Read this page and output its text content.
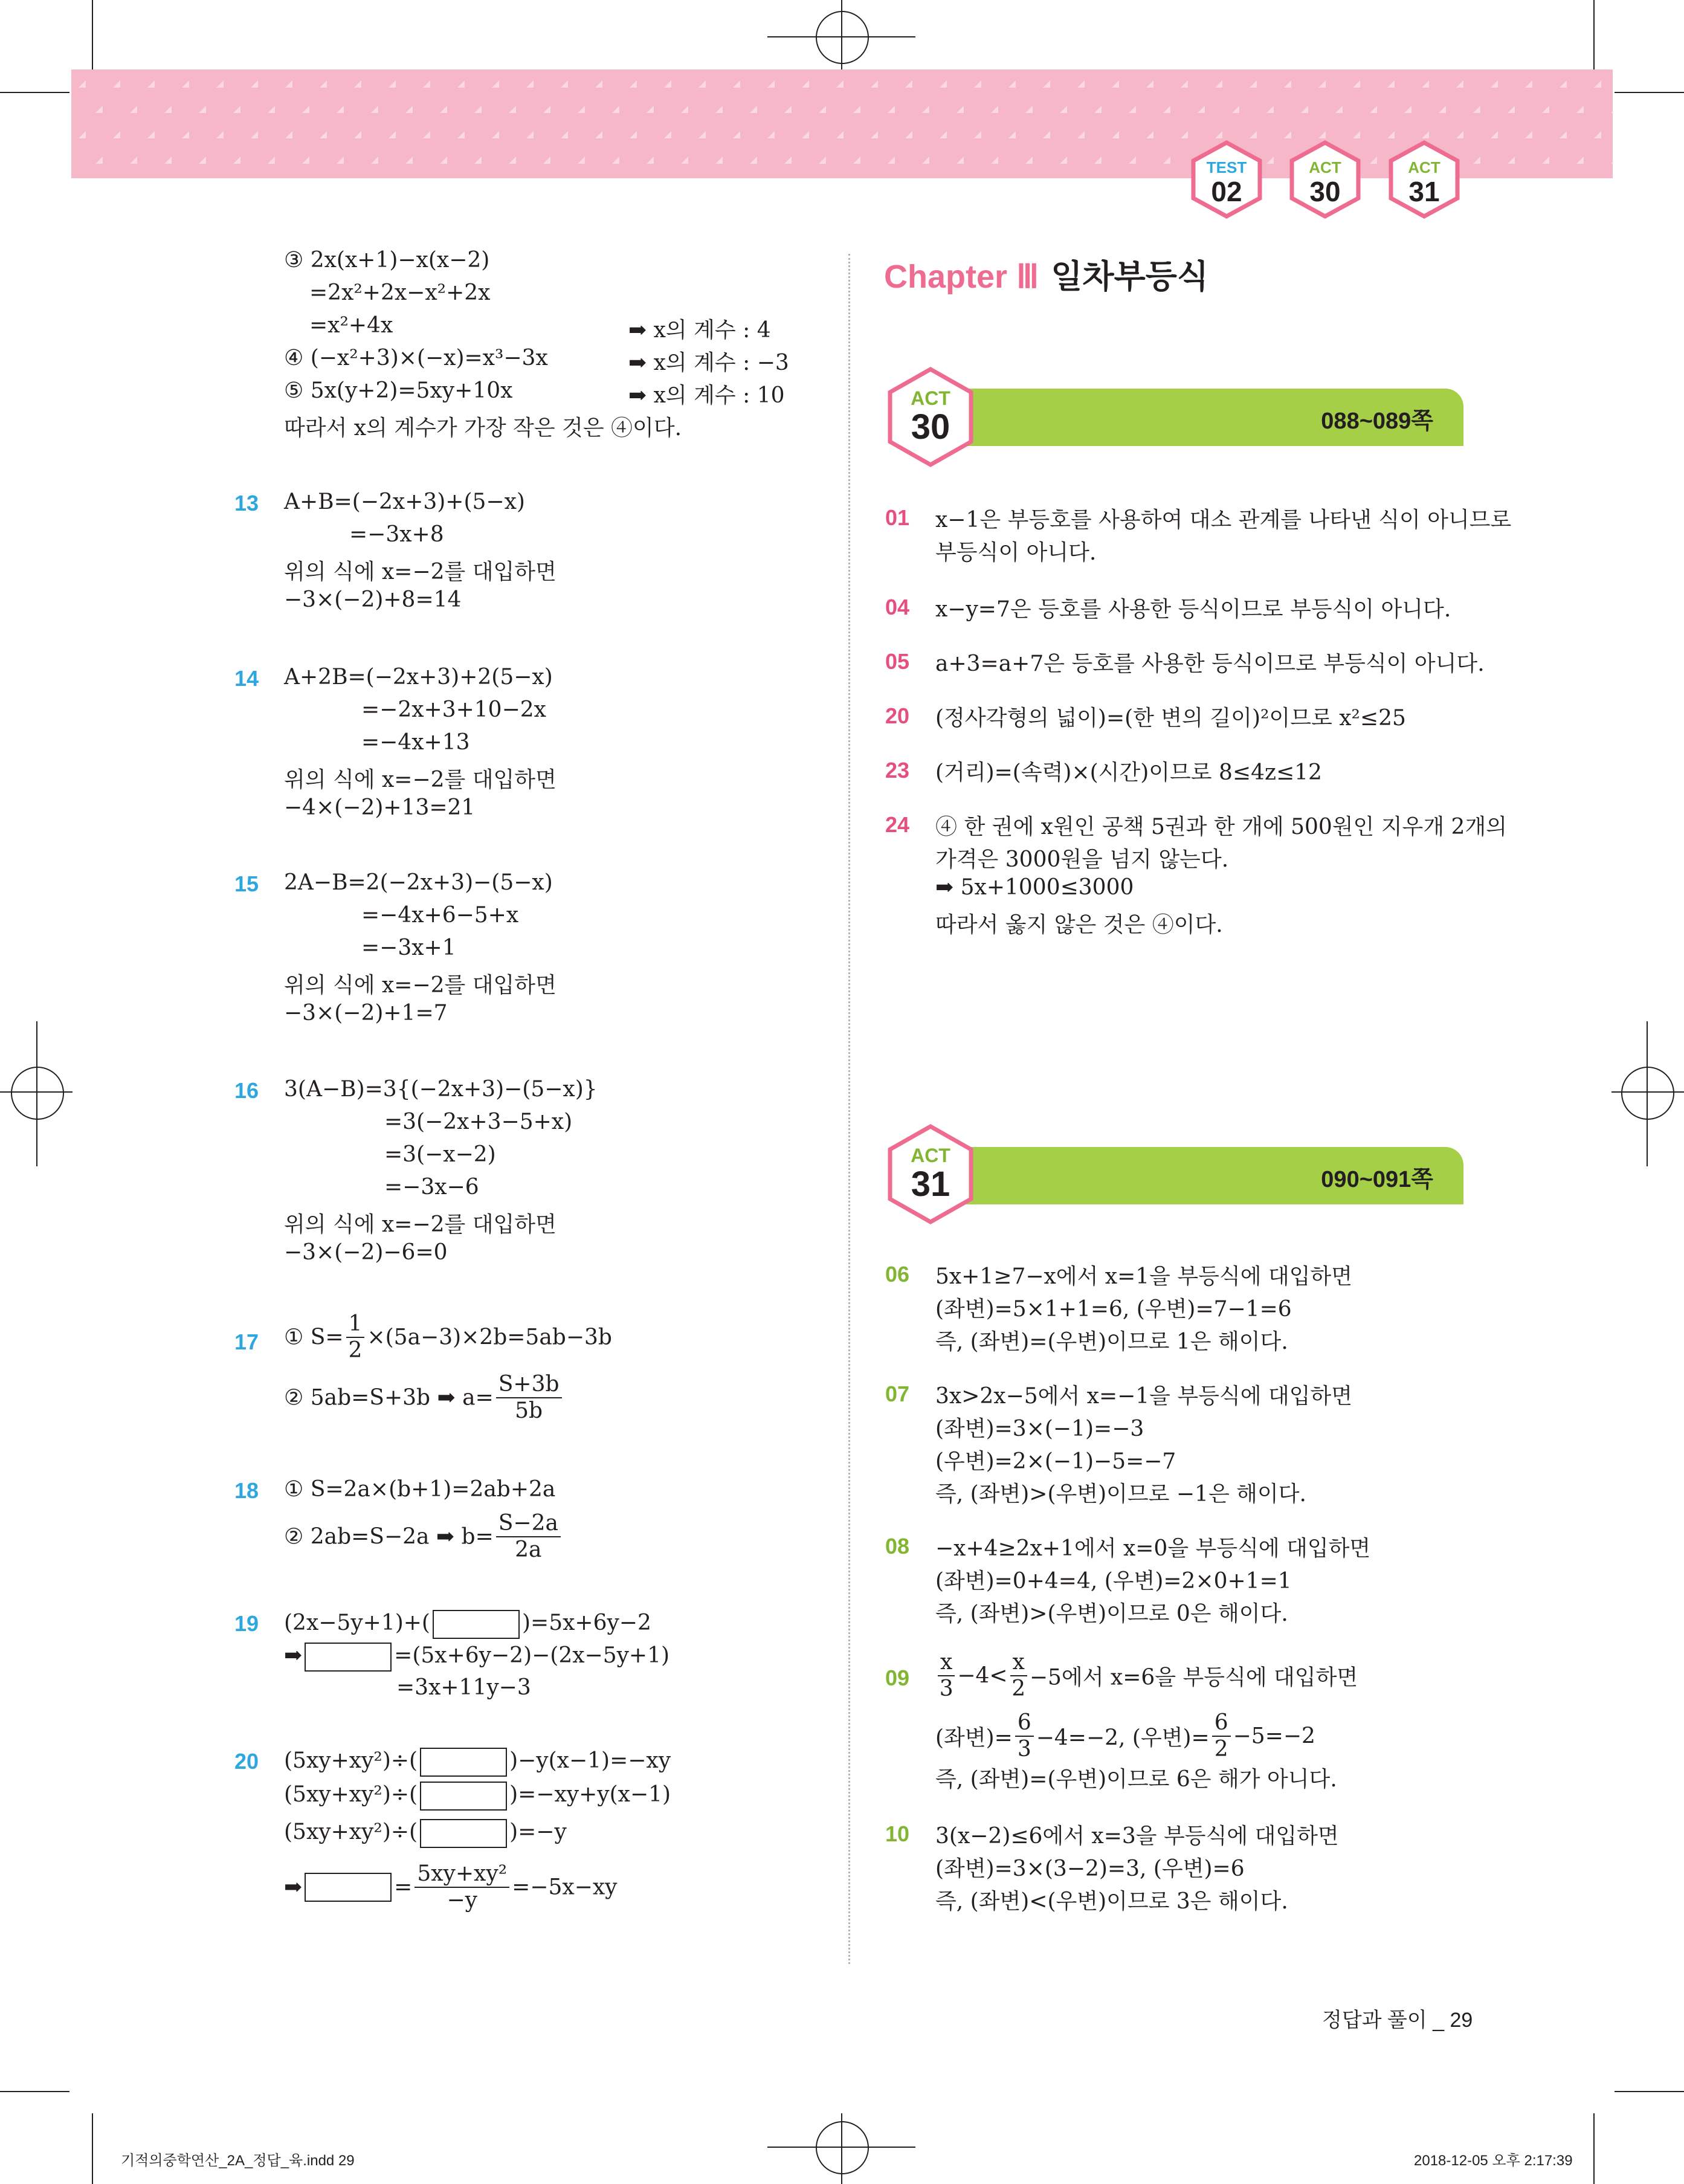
TEST
02
ACT
30
ACT
31
③ 2x(x+1)−x(x−2)
=2x²+2x−x²+2x
=x²+4x	➡ x의 계수 : 4
④ (−x²+3)×(−x)=x³−3x	➡ x의 계수 : −3
⑤ 5x(y+2)=5xy+10x	➡ x의 계수 : 10
따라서 x의 계수가 가장 작은 것은 ④이다.
13 A+B=(−2x+3)+(5−x)
=−3x+8
위의 식에 x=−2를 대입하면
−3×(−2)+8=14
14 A+2B=(−2x+3)+2(5−x)
=−2x+3+10−2x
=−4x+13
위의 식에 x=−2를 대입하면
−4×(−2)+13=21
15 2A−B=2(−2x+3)−(5−x)
=−4x+6−5+x
=−3x+1
위의 식에 x=−2를 대입하면
−3×(−2)+1=7
16 3(A−B)=3{(−2x+3)−(5−x)}
=3(−2x+3−5+x)
=3(−x−2)
=−3x−6
위의 식에 x=−2를 대입하면
−3×(−2)−6=0
17 ① $S= \frac{1}{2} \times(5a-3)\times 2b=5ab-3b$
② 5ab=S+3b ➡ $a= \frac{S+3b}{5b}$
18 ① S=2a×(b+1)=2ab+2a
② 2ab=S−2a ➡ $b= \frac{S-2a}{2a}$
19 (2x−5y+1)+(	)=5x+6y−2
➡	=(5x+6y−2)−(2x−5y+1)
=3x+11y−3
20 (5xy+xy²)÷(	)−y(x−1)=−xy
(5xy+xy²)÷(	)=−xy+y(x−1)
(5xy+xy²)÷(	)=−y
➡	= $\frac{\text{5xy+xy²}}{-y} =-5x-xy$
Chapter Ⅲ 일차부등식
088~089쪽
ACT
30
01 x−1은 부등호를 사용하여 대소 관계를 나타낸 식이 아니므로
부등식이 아니다.
04 x−y=7은 등호를 사용한 등식이므로 부등식이 아니다.
05 a+3=a+7은 등호를 사용한 등식이므로 부등식이 아니다.
20 (정사각형의 넓이)=(한 변의 길이)²이므로 x²≤25
23 (거리)=(속력)×(시간)이므로 8≤4z≤12
24 ④ 한 권에 x원인 공책 5권과 한 개에 500원인 지우개 2개의
가격은 3000원을 넘지 않는다.
➡ 5x+1000≤3000
따라서 옳지 않은 것은 ④이다.
090~091쪽
ACT
31
06 5x+1≥7−x에서 x=1을 부등식에 대입하면
(좌변)=5×1+1=6, (우변)=7−1=6
즉, (좌변)=(우변)이므로 1은 해이다.
07 3x>2x−5에서 x=−1을 부등식에 대입하면
(좌변)=3×(−1)=−3
(우변)=2×(−1)−5=−7
즉, (좌변)>(우변)이므로 −1은 해이다.
08 −x+4≥2x+1에서 x=0을 부등식에 대입하면
(좌변)=0+4=4, (우변)=2×0+1=1
즉, (좌변)>(우변)이므로 0은 해이다.
$09 \frac{x}{3} -4< \frac{x}{2} -5$에서 x=6을 부등식에 대입하면
(좌변)= $\frac{6}{3} -4=-2$, (우변)= $\frac{6}{2} -5=-2$
즉, (좌변)=(우변)이므로 6은 해가 아니다.
10 3(x−2)≤6에서 x=3을 부등식에 대입하면
(좌변)=3×(3−2)=3, (우변)=6
즉, (좌변)<(우변)이므로 3은 해이다.
정답과 풀이 _ 29
기적의중학연산_2A_정답_육.indd 29	2018-12-05 오후 2:17:39
